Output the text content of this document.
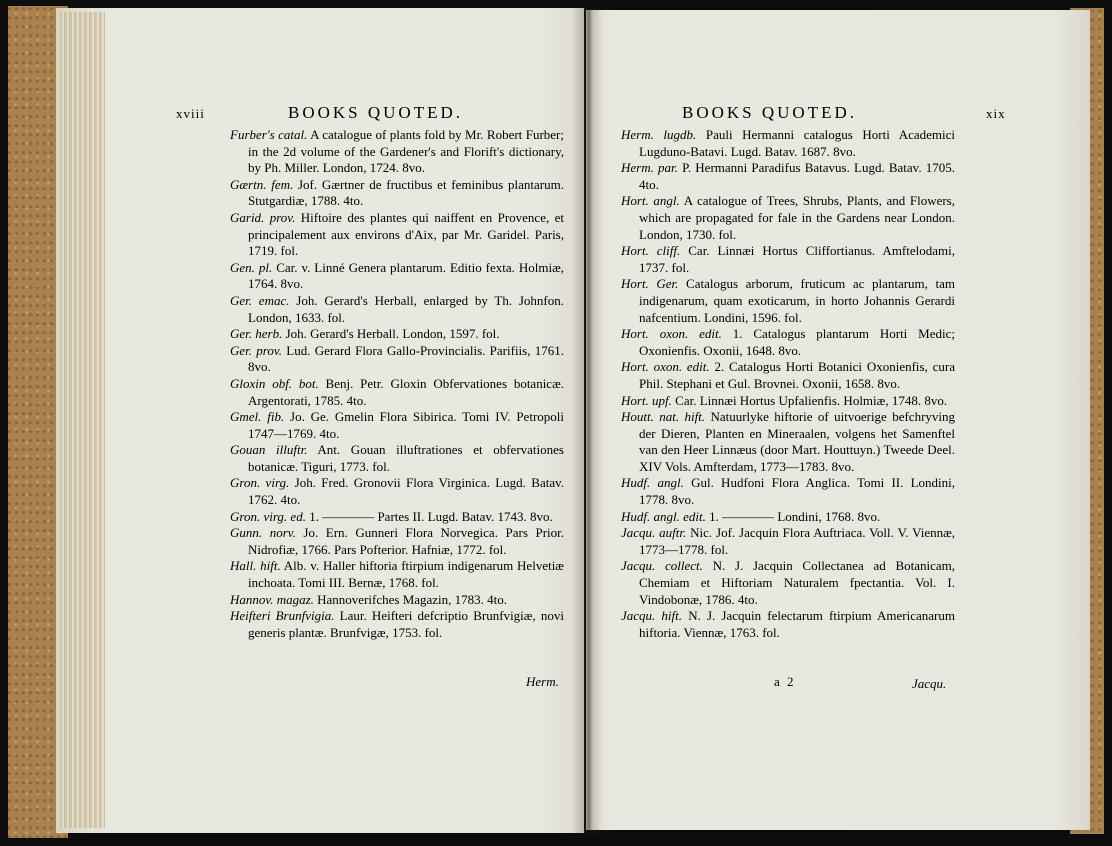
xviii	BOOKS QUOTED.
Furber's catal. A catalogue of plants fold by Mr. Robert Furber; in the 2d volume of the Gardener's and Florift's dictionary, by Ph. Miller. London, 1724. 8vo.
Gærtn. fem. Jof. Gærtner de fructibus et feminibus plantarum. Stutgardiæ, 1788. 4to.
Garid. prov. Hiftoire des plantes qui naiffent en Provence, et principalement aux environs d'Aix, par Mr. Garidel. Paris, 1719. fol.
Gen. pl. Car. v. Linné Genera plantarum. Editio fexta. Holmiæ, 1764. 8vo.
Ger. emac. Joh. Gerard's Herball, enlarged by Th. Johnfon. London, 1633. fol.
Ger. herb. Joh. Gerard's Herball. London, 1597. fol.
Ger. prov. Lud. Gerard Flora Gallo-Provincialis. Parifiis, 1761. 8vo.
Gloxin obf. bot. Benj. Petr. Gloxin Obfervationes botanicæ. Argentorati, 1785. 4to.
Gmel. fib. Jo. Ge. Gmelin Flora Sibirica. Tomi IV. Petropoli 1747—1769. 4to.
Gouan illuftr. Ant. Gouan illuftrationes et obfervationes botanicæ. Tiguri, 1773. fol.
Gron. virg. Joh. Fred. Gronovii Flora Virginica. Lugd. Batav. 1762. 4to.
Gron. virg. ed. 1. ———— Partes II. Lugd. Batav. 1743. 8vo.
Gunn. norv. Jo. Ern. Gunneri Flora Norvegica. Pars Prior. Nidrofiæ, 1766. Pars Pofterior. Hafniæ, 1772. fol.
Hall. hift. Alb. v. Haller hiftoria ftirpium indigenarum Helvetiæ inchoata. Tomi III. Bernæ, 1768. fol.
Hannov. magaz. Hannoverifches Magazin, 1783. 4to.
Heifteri Brunfvigia. Laur. Heifteri defcriptio Brunfvigiæ, novi generis plantæ. Brunfvigæ, 1753. fol.
Herm.
BOOKS QUOTED.	xix
Herm. lugdb. Pauli Hermanni catalogus Horti Academici Lugduno-Batavi. Lugd. Batav. 1687. 8vo.
Herm. par. P. Hermanni Paradifus Batavus. Lugd. Batav. 1705. 4to.
Hort. angl. A catalogue of Trees, Shrubs, Plants, and Flowers, which are propagated for fale in the Gardens near London. London, 1730. fol.
Hort. cliff. Car. Linnæi Hortus Cliffortianus. Amftelodami, 1737. fol.
Hort. Ger. Catalogus arborum, fruticum ac plantarum, tam indigenarum, quam exoticarum, in horto Johannis Gerardi nafcentium. Londini, 1596. fol.
Hort. oxon. edit. 1. Catalogus plantarum Horti Medic; Oxonienfis. Oxonii, 1648. 8vo.
Hort. oxon. edit. 2. Catalogus Horti Botanici Oxonienfis, cura Phil. Stephani et Gul. Brovnei. Oxonii, 1658. 8vo.
Hort. upf. Car. Linnæi Hortus Upfalienfis. Holmiæ, 1748. 8vo.
Houtt. nat. hift. Natuurlyke hiftorie of uitvoerige befchryving der Dieren, Planten en Mineraalen, volgens het Samenftel van den Heer Linnæus (door Mart. Houttuyn.) Tweede Deel. XIV Vols. Amfterdam, 1773—1783. 8vo.
Hudf. angl. Gul. Hudfoni Flora Anglica. Tomi II. Londini, 1778. 8vo.
Hudf. angl. edit. 1. ———— Londini, 1768. 8vo.
Jacqu. auftr. Nic. Jof. Jacquin Flora Auftriaca. Voll. V. Viennæ, 1773—1778. fol.
Jacqu. collect. N. J. Jacquin Collectanea ad Botanicam, Chemiam et Hiftoriam Naturalem fpectantia. Vol. I. Vindobonæ, 1786. 4to.
Jacqu. hift. N. J. Jacquin felectarum ftirpium Americanarum hiftoria. Viennæ, 1763. fol.
a 2	Jacqu.
